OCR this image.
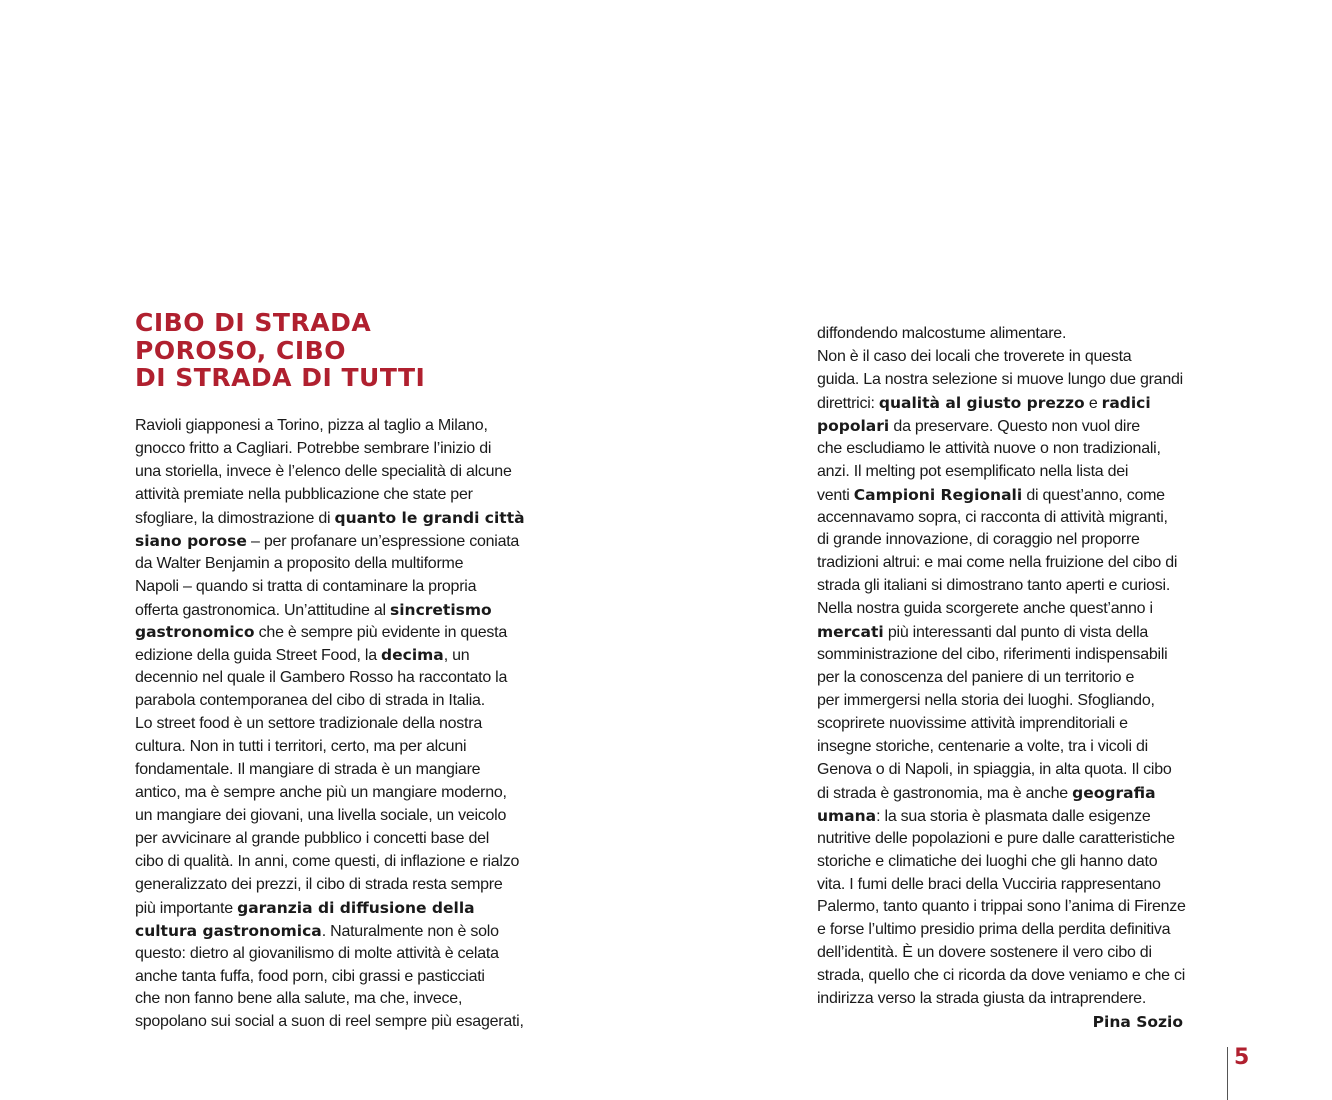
CIBO DI STRADA
POROSO, CIBO
DI STRADA DI TUTTI
Ravioli giapponesi a Torino, pizza al taglio a Milano,
gnocco fritto a Cagliari. Potrebbe sembrare l’inizio di
una storiella, invece è l’elenco delle specialità di alcune
attività premiate nella pubblicazione che state per
sfogliare, la dimostrazione di quanto le grandi città
siano porose – per profanare un’espressione coniata
da Walter Benjamin a proposito della multiforme
Napoli – quando si tratta di contaminare la propria
offerta gastronomica. Un’attitudine al sincretismo
gastronomico che è sempre più evidente in questa
edizione della guida Street Food, la decima, un
decennio nel quale il Gambero Rosso ha raccontato la
parabola contemporanea del cibo di strada in Italia.
Lo street food è un settore tradizionale della nostra
cultura. Non in tutti i territori, certo, ma per alcuni
fondamentale. Il mangiare di strada è un mangiare
antico, ma è sempre anche più un mangiare moderno,
un mangiare dei giovani, una livella sociale, un veicolo
per avvicinare al grande pubblico i concetti base del
cibo di qualità. In anni, come questi, di inflazione e rialzo
generalizzato dei prezzi, il cibo di strada resta sempre
più importante garanzia di diffusione della
cultura gastronomica. Naturalmente non è solo
questo: dietro al giovanilismo di molte attività è celata
anche tanta fuffa, food porn, cibi grassi e pasticciati
che non fanno bene alla salute, ma che, invece,
spopolano sui social a suon di reel sempre più esagerati,
diffondendo malcostume alimentare.
Non è il caso dei locali che troverete in questa
guida. La nostra selezione si muove lungo due grandi
direttrici: qualità al giusto prezzo e radici
popolari da preservare. Questo non vuol dire
che escludiamo le attività nuove o non tradizionali,
anzi. Il melting pot esemplificato nella lista dei
venti Campioni Regionali di quest’anno, come
accennavamo sopra, ci racconta di attività migranti,
di grande innovazione, di coraggio nel proporre
tradizioni altrui: e mai come nella fruizione del cibo di
strada gli italiani si dimostrano tanto aperti e curiosi.
Nella nostra guida scorgerete anche quest’anno i
mercati più interessanti dal punto di vista della
somministrazione del cibo, riferimenti indispensabili
per la conoscenza del paniere di un territorio e
per immergersi nella storia dei luoghi. Sfogliando,
scoprirete nuovissime attività imprenditoriali e
insegne storiche, centenarie a volte, tra i vicoli di
Genova o di Napoli, in spiaggia, in alta quota. Il cibo
di strada è gastronomia, ma è anche geografia
umana: la sua storia è plasmata dalle esigenze
nutritive delle popolazioni e pure dalle caratteristiche
storiche e climatiche dei luoghi che gli hanno dato
vita. I fumi delle braci della Vucciria rappresentano
Palermo, tanto quanto i trippai sono l’anima di Firenze
e forse l’ultimo presidio prima della perdita definitiva
dell’identità. È un dovere sostenere il vero cibo di
strada, quello che ci ricorda da dove veniamo e che ci
indirizza verso la strada giusta da intraprendere.
Pina Sozio
5
